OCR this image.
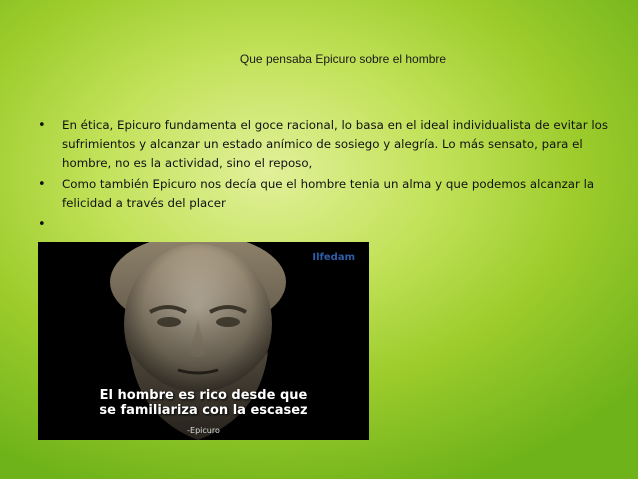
Que pensaba Epicuro sobre el hombre
• En ética, Epicuro fundamenta el goce racional, lo basa en el ideal individualista de evitar los sufrimientos y alcanzar un estado anímico de sosiego y alegría. Lo más sensato, para el hombre, no es la actividad, sino el reposo,
• Como también Epicuro nos decía que el hombre tenia un alma y que podemos alcanzar la felicidad a través del placer
•

Ilfedam
El hombre es rico desde que
se familiariza con la escasez
-Epicuro
